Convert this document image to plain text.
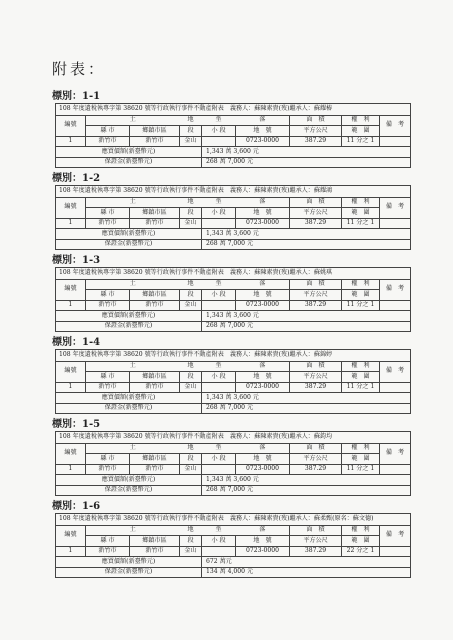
附表：
標別：1-1
108 年度遺稅執專字第 38620 號等行政執行事件不動產附表　義務人：蘇陳素貴(歿)繼承人：蘇耀椿								
編號	土		地	坐	落	面　積	權　利	備　考
	縣 市	鄉鎮市區	段	小 段	地　號	平方公尺	範　圍	
1	新竹市	新竹市	金山		0723-0000	387.29	11 分之 1	
應買價額(新臺幣元)				1,343 萬 3,600 元				
保證金(新臺幣元)				268 萬 7,000 元				
標別：1-2
108 年度遺稅執專字第 38620 號等行政執行事件不動產附表　義務人：蘇陳素貴(歿)繼承人：蘇耀鴻								
編號	土		地	坐	落	面　積	權　利	備　考
	縣 市	鄉鎮市區	段	小 段	地　號	平方公尺	範　圍	
1	新竹市	新竹市	金山		0723-0000	387.29	11 分之 1	
應買價額(新臺幣元)				1,343 萬 3,600 元				
保證金(新臺幣元)				268 萬 7,000 元				
標別：1-3
108 年度遺稅執專字第 38620 號等行政執行事件不動產附表　義務人：蘇陳素貴(歿)繼承人：蘇姚琪								
編號	土		地	坐	落	面　積	權　利	備　考
	縣 市	鄉鎮市區	段	小 段	地　號	平方公尺	範　圍	
1	新竹市	新竹市	金山		0723-0000	387.29	11 分之 1	
應買價額(新臺幣元)				1,343 萬 3,600 元				
保證金(新臺幣元)				268 萬 7,000 元				
標別：1-4
108 年度遺稅執專字第 38620 號等行政執行事件不動產附表　義務人：蘇陳素貴(歿)繼承人：蘇錦婷								
編號	土		地	坐	落	面　積	權　利	備　考
	縣 市	鄉鎮市區	段	小 段	地　號	平方公尺	範　圍	
1	新竹市	新竹市	金山		0723-0000	387.29	11 分之 1	
應買價額(新臺幣元)				1,343 萬 3,600 元				
保證金(新臺幣元)				268 萬 7,000 元				
標別：1-5
108 年度遺稅執專字第 38620 號等行政執行事件不動產附表　義務人：蘇陳素貴(歿)繼承人：蘇鈞均								
編號	土		地	坐	落	面　積	權　利	備　考
	縣 市	鄉鎮市區	段	小 段	地　號	平方公尺	範　圍	
1	新竹市	新竹市	金山		0723-0000	387.29	11 分之 1	
應買價額(新臺幣元)				1,343 萬 3,600 元				
保證金(新臺幣元)				268 萬 7,000 元				
標別：1-6
108 年度遺稅執專字第 38620 號等行政執行事件不動產附表　義務人：蘇陳素貴(歿)繼承人：蘇柔甄(原名：蘇文德)								
編號	土		地	坐	落	面　積	權　利	備　考
	縣 市	鄉鎮市區	段	小 段	地　號	平方公尺	範　圍	
1	新竹市	新竹市	金山		0723-0000	387.29	22 分之 1	
應買價額(新臺幣元)				672 萬元				
保證金(新臺幣元)				134 萬 4,000 元				
